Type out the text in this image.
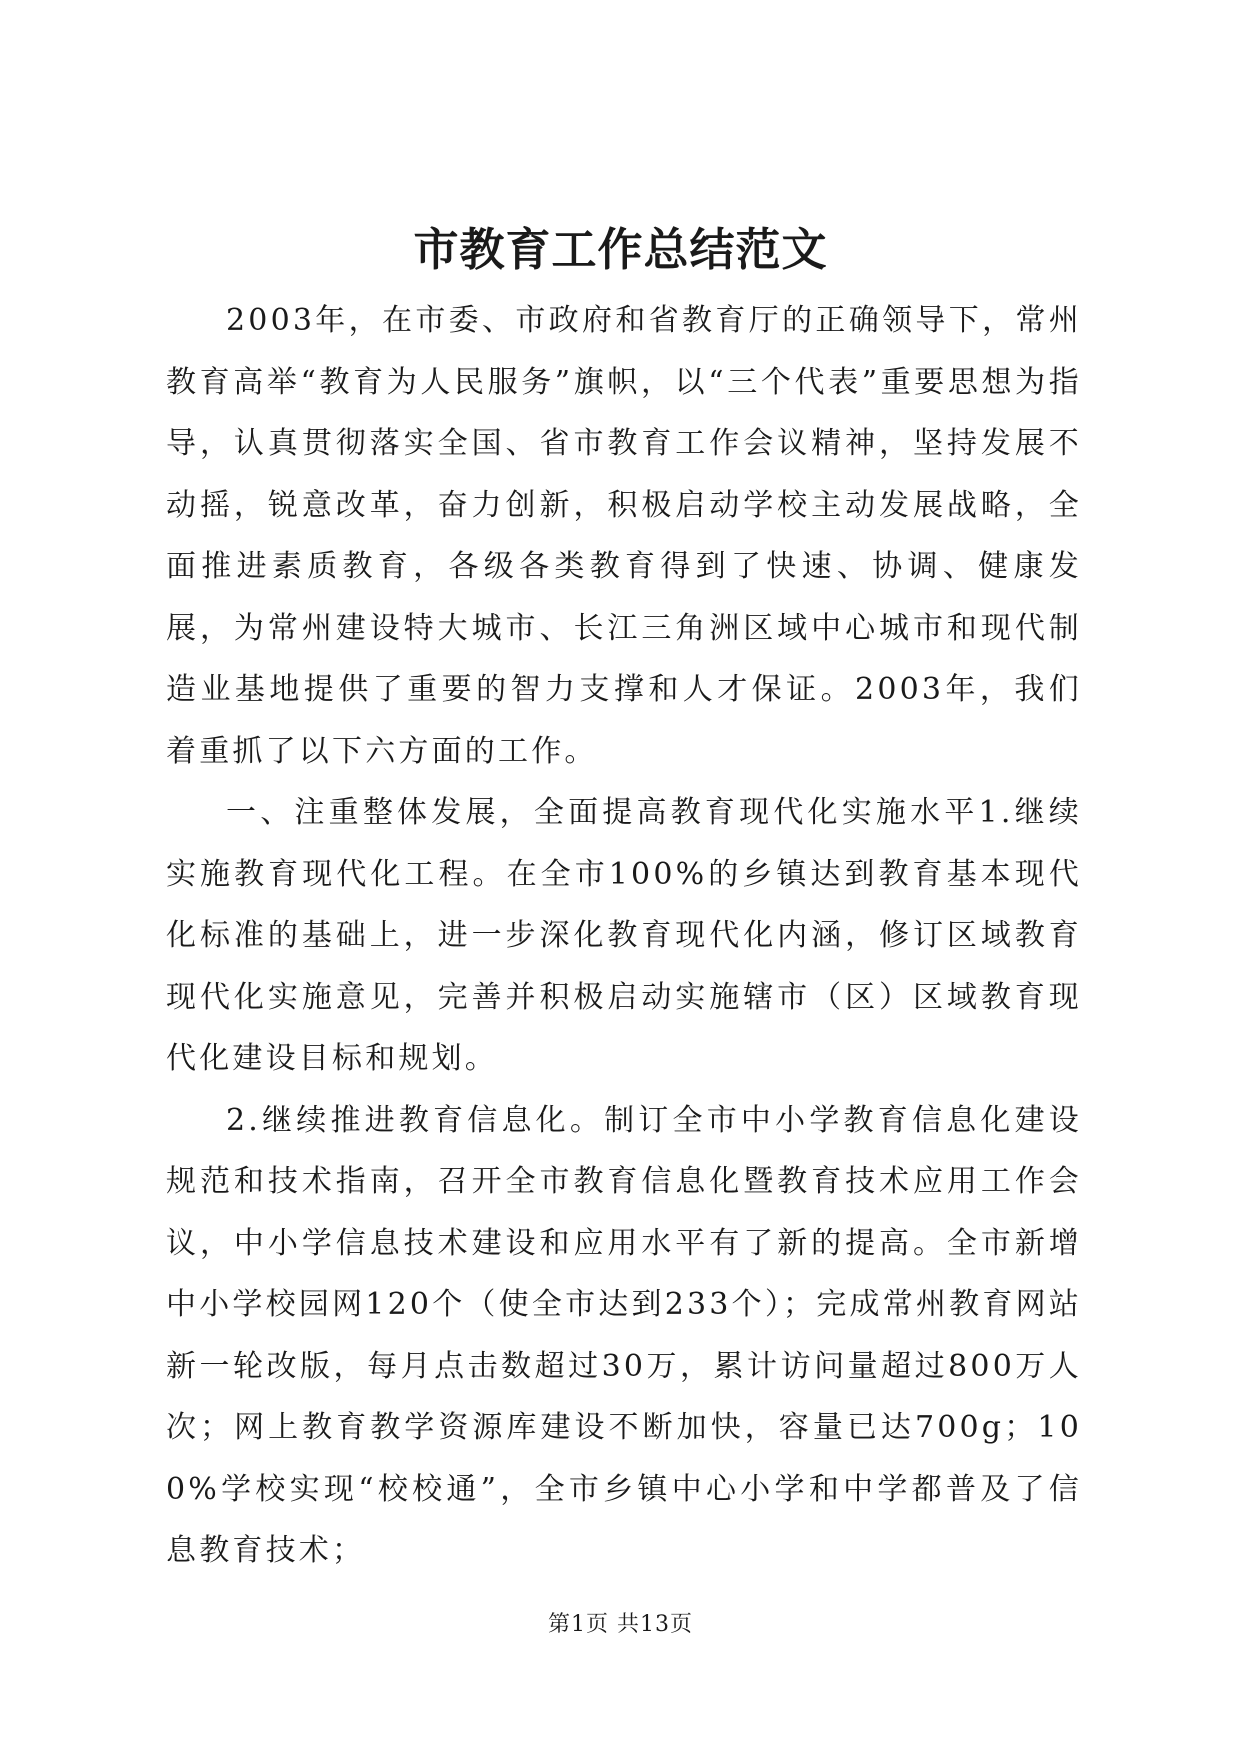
市教育工作总结范文

2003年，在市委、市政府和省教育厅的正确领导下，常州教育高举“教育为人民服务”旗帜，以“三个代表”重要思想为指导，认真贯彻落实全国、省市教育工作会议精神，坚持发展不动摇，锐意改革，奋力创新，积极启动学校主动发展战略，全面推进素质教育，各级各类教育得到了快速、协调、健康发展，为常州建设特大城市、长江三角洲区域中心城市和现代制造业基地提供了重要的智力支撑和人才保证。2003年，我们着重抓了以下六方面的工作。

一、注重整体发展，全面提高教育现代化实施水平1.继续实施教育现代化工程。在全市100%的乡镇达到教育基本现代化标准的基础上，进一步深化教育现代化内涵，修订区域教育现代化实施意见，完善并积极启动实施辖市（区）区域教育现代化建设目标和规划。

2.继续推进教育信息化。制订全市中小学教育信息化建设规范和技术指南，召开全市教育信息化暨教育技术应用工作会议，中小学信息技术建设和应用水平有了新的提高。全市新增中小学校园网120个（使全市达到233个）；完成常州教育网站新一轮改版，每月点击数超过30万，累计访问量超过800万人次；网上教育教学资源库建设不断加快，容量已达700g；100%学校实现“校校通”，全市乡镇中心小学和中学都普及了信息教育技术；

第1页 共13页
